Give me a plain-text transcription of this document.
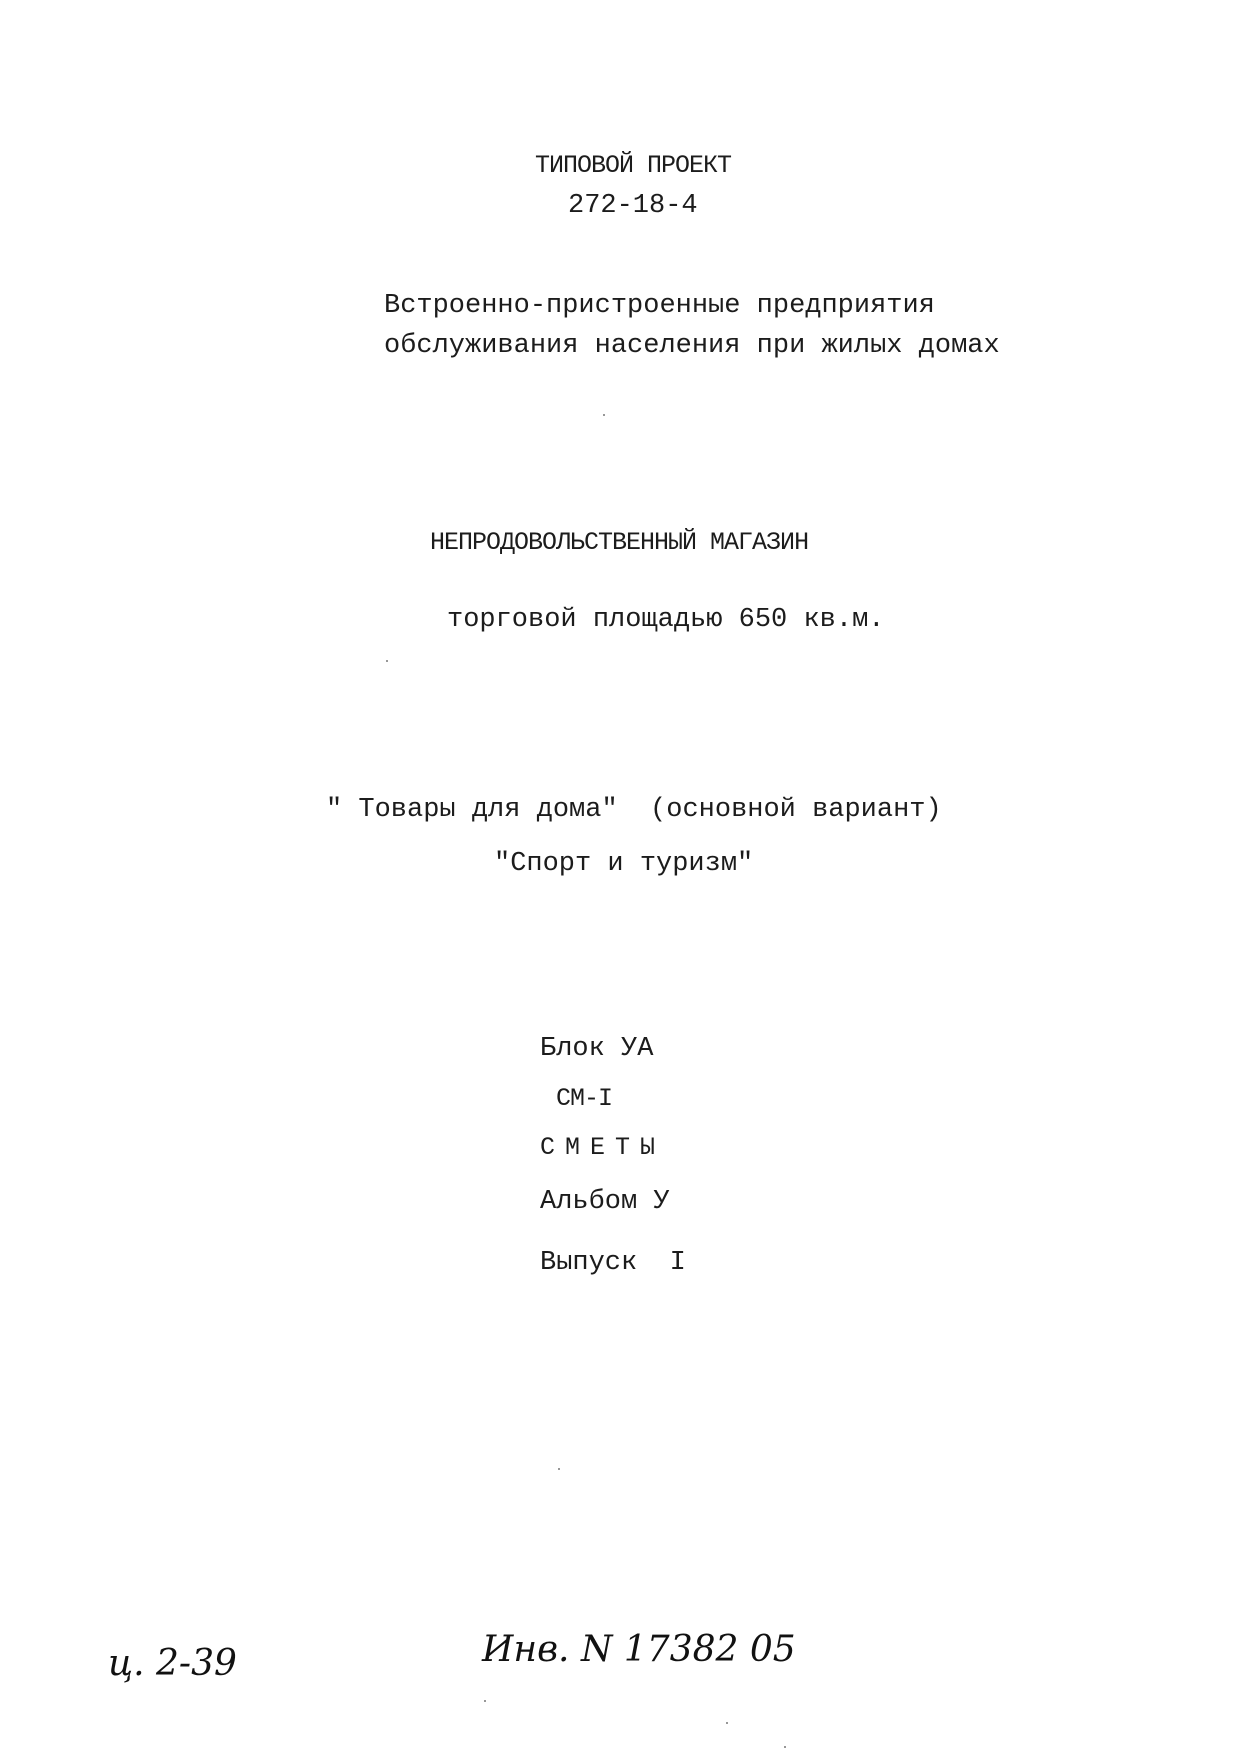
ТИПОВОЙ ПРОЕКТ
272-18-4
Встроенно-пристроенные предприятия
обслуживания населения при жилых домах
НЕПРОДОВОЛЬСТВЕННЫЙ МАГАЗИН
торговой площадью 650 кв.м.
" Товары для дома"  (основной вариант)
"Спорт и туризм"
Блок УА
СМ-I
СМЕТЫ
Альбом У
Выпуск  I
ц. 2-39	Инв. N 17382 05
